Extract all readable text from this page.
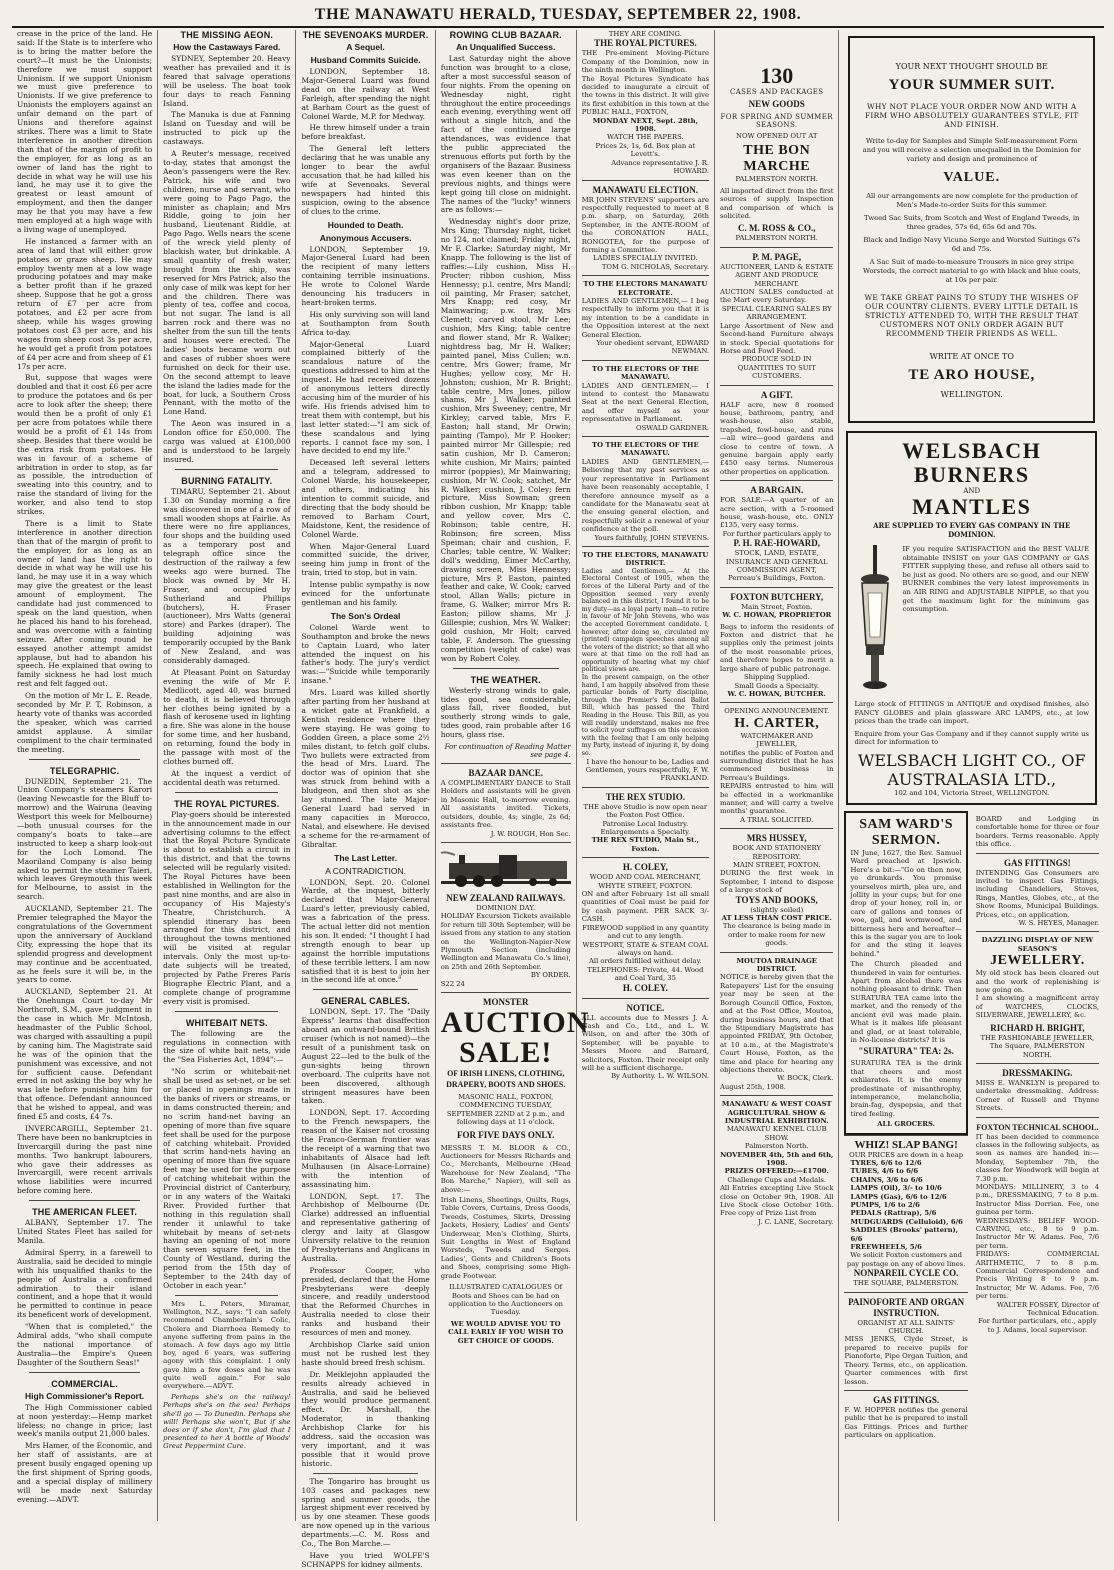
THE MANAWATU HERALD, TUESDAY, SEPTEMBER 22, 1908.

crease in the price of the land. He said: If the State is to interfere who is to bring the matter before the court?—It must be the Unionists; therefore we must support Unionism. If we support Unionism we must give preference to Unionists. If we give preference to Unionists the employers against an unfair demand on the part of Unions and therefore against strikes. There was a limit to State interference in another direction than that of the margin of profit to the employer, for as long as an owner of land has the right to decide in what way he will use his land, he may use it to give the greatest or least amount of employment, and then the danger may be that you may have a few men employed at a high wage with a living wage of unemployed.

He instanced a farmer with an area of land that will either grow potatoes or graze sheep. He may employ twenty men at a low wage producing potatoes and may make a better profit than if he grazed sheep. Suppose that he got a gross return of £7 per acre from potatoes, and £2 per acre from sheep, while his wages growing potatoes cost £3 per acre, and his wages from sheep cost 3s per acre, he would get a profit from potatoes of £4 per acre and from sheep of £1 17s per acre.

But, suppose that wages were doubled and that it cost £6 per acre to produce the potatoes and 6s per acre to look after the sheep; there would then be a profit of only £1 per acre from potatoes while there would be a profit of £1 14s from sheep. Besides that there would be the extra risk from potatoes. He was in favour of a scheme of arbitration in order to stop, as far as possible, the introduction of sweating into this country, and to raise the standard of living for the worker, and also tend to stop strikes.

There is a limit to State interference in another direction than that of the margin of profit to the employer, for as long as an owner of land has the right to decide in what way he will use his land, he may use it in a way which may give the greatest or the least amount of employment. The candidate had just commenced to speak on the land question, when he placed his hand to his forehead, and was overcome with a fainting seizure. After coming round he essayed another attempt amidst applause, but had to abandon his speech. He explained that owing to family sickness he had lost much rest and felt fagged out.

On the motion of Mr L. E. Reade, seconded by Mr P. T. Robinson, a hearty vote of thanks was accorded the speaker, which was carried amidst applause. A similar compliment to the chair terminated the meeting.

TELEGRAPHIC.

DUNEDIN, September 21. The Union Company's steamers Karori (leaving Newcastle for the Bluff to-morrow) and the Wairuna (leaving Westport this week for Melbourne)—both unusual courses for the company's boats to take—are instructed to keep a sharp look-out for the Loch Lomond. The Maoriland Company is also being asked to permit the steamer Taieri, which leaves Greymouth this week for Melbourne, to assist in the search.

AUCKLAND, September 21. The Premier telegraphed the Mayor the congratulations of the Government upon the anniversary of Auckland City, expressing the hope that its splendid progress and development may continue and be accentuated, as he feels sure it will be, in the years to come.

AUCKLAND, September 21. At the Onehunga Court to-day Mr Northcroft, S.M., gave judgment in the case in which Mr McIntosh, headmaster of the Public School, was charged with assaulting a pupil by caning him. The Magistrate said he was of the opinion that the punishment was excessive, and not for sufficient cause. Defendant erred in not asking the boy why he was late before punishing him for that offence. Defendant announced that he wished to appeal, and was fined £5 and costs, £4 7s.

INVERCARGILL, September 21. There have been no bankruptcies in Invercargill during the past nine months. Two bankrupt labourers, who gave their addresses as Invercargill, were recent arrivals whose liabilities were incurred before coming here.

THE AMERICAN FLEET.

ALBANY, September 17. The United States Fleet has sailed for Manila.

Admiral Sperry, in a farewell to Australia, said he decided to mingle with his unqualified thanks to the people of Australia a confirmed admiration to their island continent, and a hope that it would be permitted to continue in peace its beneficent work of development.

"When that is completed," the Admiral adds, "who shall compute the national importance of Australia—the Empire's Queen Daughter of the Southern Seas!"

COMMERCIAL.
High Commissioner's Report.

The High Commissioner cabled at noon yesterday:—Hemp market lifeless; no change in price; last week's manila output 21,000 bales.

Mrs Hamer, of the Economic, and her staff of assistants, are at present busily engaged opening up the first shipment of Spring goods, and a special display of millinery will be made next Saturday evening.—ADVT.

THE MISSING AEON.
How the Castaways Fared.

SYDNEY, September 20. Heavy weather has prevailed and it is feared that salvage operations will be useless. The boat took four days to reach Fanning Island.

The Manuka is due at Fanning Island on Tuesday and will be instructed to pick up the castaways.

A Reuter's message, received to-day, states that amongst the Aeon's passengers were the Rev. Patrick, his wife and two children, nurse and servant, who were going to Pago Pago, the minister as chaplain; and Mrs Riddle, going to join her husband, Lieutenant Riddle, at Pago Pago. Wells nears the scene of the wreck yield plenty of blackish water, but drinkable. A small quantity of fresh water, brought from the ship, was reserved for Mrs Patrick; also the only case of milk was kept for her and the children. There was plenty of tea, coffee and cocoa, but not sugar. The land is all barren rock and there was no shelter from the sun till the tents and houses were erected. The ladies' boots became worn out and cases of rubber shoes were furnished on deck for their use. On the second attempt to leave the island the ladies made for the boat, for luck, a Southern Cross Pennant, with the motto of the Lone Hand.

The Aeon was insured in a London office for £50,000. The cargo was valued at £100,000 and is understood to be largely insured.

BURNING FATALITY.

TIMARU, September 21. About 1.30 on Sunday morning a fire was discovered in one of a row of small wooden shops at Fairlie. As there were no fire appliances, four shops and the building used as a temporary post and telegraph office since the destruction of the railway a few weeks ago were burned. The block was owned by Mr H. Fraser, and occupied by Sutherland and Phillips (butchers), H. Fraser (auctioneer), Mrs Watts (general store) and Parkes (draper). The building adjoining was temporarily occupied by the Bank of New Zealand, and was considerably damaged.

At Pleasant Point on Saturday evening the wife of Mr F. Medlicott, aged 40, was burned to death, it is believed through her clothes being ignited by a flash of kerosene used in lighting a fire. She was alone in the house for some time, and her husband, on returning, found the body in the passage with most of the clothes burned off.

At the inquest a verdict of accidental death was returned.

THE ROYAL PICTURES.

Play-goers should be interested in the announcement made in our advertising columns to the effect that the Royal Picture Syndicate is about to establish a circuit in this district, and that the towns selected will be regularly visited. The Royal Pictures have been established in Wellington for the past nine months, and are also in occupancy of His Majesty's Theatre, Christchurch. A splendid itinerary has been arranged for this district, and throughout the towns mentioned will be visited at regular intervals. Only the most up-to-date subjects will be treated, projected by Pathe Freres Paris Biographe Electric Plant, and a complete change of programme every visit is promised.

WHITEBAIT NETS.

The following are the regulations in connection with the size of white bait nets, vide the "Sea Fisheries Act, 1894":—

"No scrim or whitebait-net shall be used as set-net, or be set or placed in openings made in the banks of rivers or streams, or in dams constructed therein; and no scrim hand-net having an opening of more than five square feet shall be used for the purpose of catching whitebait. Provided that scrim hand-nets having an opening of more than five square feet may be used for the purpose of catching whitebait within the Provincial district of Canterbury, or in any waters of the Waitaki River. Provided further that nothing in this regulation shall render it unlawful to take whitebait by means of set-nets having an opening of not more than seven square feet, in the County of Westland, during the period from the 15th day of September to the 24th day of October in each year."

Mrs L. Peters, Miramar, Wellington, N.Z., says: "I can safely recommend Chamberlain's Colic, Cholera and Diarrhoea Remedy to anyone suffering from pains in the stomach. A few days ago my little boy, aged 6 years, was suffering agony with this complaint. I only gave him a few doses and he was quite well again." For sale everywhere.—ADVT.

Perhaps she's on the railway! Perhaps she's on the sea! Perhaps she'll go — To Dunedin. Perhaps she will! Perhaps she won't, But if she does or if she don't, I'm glad that I presented to her A bottle of Woods' Great Peppermint Cure.

THE SEVENOAKS MURDER.
A Sequel.
Husband Commits Suicide.

LONDON, September 18. Major-General Luard was found dead on the railway at West Farleigh, after spending the night at Barham Court as the guest of Colonel Warde, M.P. for Medway.

He threw himself under a train before breakfast.

The General left letters declaring that he was unable any longer to bear the awful accusation that he had killed his wife at Sevenoaks. Several newspapers had hinted this suspicion, owing to the absence of clues to the crime.

Hounded to Death.
Anonymous Accusers.

LONDON, September 19. Major-General Luard had been the recipient of many letters containing terrible insinuations. He wrote to Colonel Warde denouncing his traducers in heart-broken terms.

His only surviving son will land at Southampton from South Africa to-day.

Major-General Luard complained bitterly of the scandalous nature of the questions addressed to him at the inquest. He had received dozens of anonymous letters directly accusing him of the murder of his wife. His friends advised him to treat them with contempt, but his last letter stated:—"I am sick of these scandalous and lying reports. I cannot face my son. I have decided to end my life."

Deceased left several letters and a telegram, addressed to Colonel Warde, his housekeeper, and others, indicating his intention to commit suicide, and directing that the body should be removed to Barham Court, Maidstone, Kent, the residence of Colonel Warde.

When Major-General Luard committed suicide, the driver, seeing him jump in front of the train, tried to stop, but in vain.

Intense public sympathy is now evinced for the unfortunate gentleman and his family.

The Son's Ordeal

Colonel Warde went to Southampton and broke the news to Captain Luard, who later attended the inquest on his father's body. The jury's verdict was:—"Suicide while temporarily insane."

Mrs. Luard was killed shortly after parting from her husband at a wicket gate at Frankfield, a Kentish residence where they were staying. He was going to Godden Green, a place some 2½ miles distant, to fetch golf clubs. Two bullets were extracted from the head of Mrs. Luard. The doctor was of opinion that she was struck from behind with a bludgeon, and then shot as she lay stunned. The late Major-General Luard had served in many capacities in Morocco, Natal, and elsewhere. He devised a scheme for the re-armament of Gibraltar.

The Last Letter.
A CONTRADICTION.

LONDON, Sept. 20. Colonel Warde, at the inquest, bitterly declared that Major-General Luard's letter, previously cabled, was a fabrication of the press. The actual letter did not mention his son. It ended: "I thought I had strength enough to bear up against the horrible imputations of these terrible letters. I am now satisfied that it is best to join her in the second life at once."

GENERAL CABLES.

LONDON, Sept. 17. The "Daily Express" learns that disaffection aboard an outward-bound British cruiser (which is not named)—the result of a punishment task on August 22—led to the bulk of the gun-sights being thrown overboard. The culprits have not been discovered, although stringent measures have been taken.

LONDON, Sept. 17. According to the French newspapers, the reason of the Kaiser not crossing the Franco-German frontier was the receipt of a warning that two inhabitants of Alsace had left Mulhausen (in Alsace-Lorraine) with the intention of assassinating him.

LONDON, Sept. 17. The Archbishop of Melbourne (Dr. Clarke) addressed an influential and representative gathering of clergy and laity at Glasgow University relative to the reunion of Presbyterians and Anglicans in Australia.

Professor Cooper, who presided, declared that the Home Presbyterians were deeply sincere, and readily understood that the Reformed Churches in Australia needed to close their ranks and husband their resources of men and money.

Archbishop Clarke said union must not be rushed lest they haste should breed fresh schism.

Dr. Meiklejohn applauded the results already achieved in Australia, and said he believed they would produce permanent effect. Dr. Marshall, the Moderator, in thanking Archbishop Clarke for his address, said the occasion was very important, and it was possible that it would prove historic.

The Tongariro has brought us 103 cases and packages new spring and summer goods, the largest shipment ever received by us by one steamer. These goods are now opened up in the various departments.—C. M. Ross and Co., The Bon Marche.—

Have you tried WOLFE'S SCHNAPPS for kidney ailments.

ROWING CLUB BAZAAR.
An Unqualified Success.

Last Saturday night the above function was brought to a close, after a most successful season of four nights. From the opening on Wednesday night, right throughout the entire proceedings each evening, everything went off without a single hitch, and the fact of the continued large attendances, was evidence that the public appreciated the strenuous efforts put forth by the organisers of the Bazaar. Business was even keener than on the previous nights, and things were kept going till close on midnight. The names of the "lucky" winners are as follows:—

Wednesday night's door prize, Mrs King; Thursday night, ticket no 124, not claimed; Friday night, Mr F. Clarke; Saturday night, Mr Knapp. The following is the list of raffles:—Lily cushion, Miss H. Procter; ribbon cushion, Miss Hennessy; p.l. centre, Mrs Mandl; oil painting, Mr Fraser; satchet, Mrs Knapp; red cosy, Mr Mainwaring; p.w. tray, Mrs Clemett; carved stool, Mr Lee; cushion, Mrs King; table centre and flower stand, Mr R. Walker; nightdress bag, Mr H. Walker; painted panel, Miss Cullen; w.n. centre, Mrs Gower; frame, Mr Hughes; yellow cosy, Mr H. Johnston; cushion, Mr R. Bright; table centre, Mrs Jones, pillow shams, Mr J. Walker; painted cushion, Mrs Sweeney; centre, Mr Kirkley; carved table, Mrs F. Easton; hall stand, Mr Orwin; painting (Tampo), Mr P. Hooker; painted mirror Mr Gillespie; red satin cushion, Mr D. Cameron; white cushion, Mr Mairs; painted mirror (poppies), Mr Mainwaring; cushion, Mr W. Cook; satchet, Mr R. Walker; cushion, J. Coley; fern picture, Miss Sowman; green ribbon cushion, Mr Knapp; table and yellow cover, Mrs C. Robinson; table centre, H. Robinson; fire screen, Miss Speiman; chair and cushion, F. Charles; table centre, W. Walker; doll's wedding, Eimer McCarthy, drawing screen, Miss Hennessy; picture, Mrs P. Easton, painted feather and cake, W. Cook; carved stool, Allan Walls; picture in frame, G. Walker; mirror Mrs R. Easton; pillow shams, Mr J. Gillespie; cushion, Mrs W. Walker; gold cushion, Mr Holt; carved table, F. Anderson. The guessing competition (weight of cake) was won by Robert Coley.

THE WEATHER.

Westerly strong winds to gale, tides good, sea considerable, glass fall, river flooded, but southerly strong winds to gale, tides good, rain probable after 16 hours, glass rise.

For continuation of Reading Matter see page 4.

BAZAAR DANCE.
A COMPLIMENTARY DANCE to Stall Holders and assistants will be given in Masonic Hall, to-morrow evening. All assistants invited. Tickets, outsiders, double, 4s; single, 2s 6d; assistants free.
J. W. ROUGH, Hon Sec.
NEW ZEALAND RAILWAYS.
DOMINION DAY.
HOLIDAY Excursion Tickets available for return till 30th September, will be issued from any station to any station on the Wellington-Napier-New Plymouth Section (including Wellington and Manawatu Co.'s line), on 25th and 26th September.
BY ORDER.
S22 24
MONSTER
AUCTION
SALE!
OF IRISH LINENS, CLOTHING, DRAPERY, BOOTS AND SHOES.
MASONIC HALL, FOXTON,
COMMENCING TUESDAY, SEPTEMBER 22ND at 2 p.m., and following days at 11 o'clock.
FOR FIVE DAYS ONLY.
MESSRS T. M. BLOOR & CO., Auctioneers for Messrs Richards and Co., Merchants, Melbourne (Head Warehouse for New Zealand, "The Bon Marche," Napier), will sell as above:—
Irish Linens, Sheetings, Quilts, Rugs, Table Covers, Curtains, Dress Goods, Tweeds, Costumes, Skirts, Dressing Jackets, Hosiery, Ladies' and Gents' Underwear, Men's Clothing, Shirts, Suit Lengths in West of England Worsteds, Tweeds and Serges. Ladies', Gents and Children's Boots and Shoes, comprising some High-grade Footwear.
ILLUSTRATED CATALOGUES Of Boots and Shoes can be had on application to the Auctioneers on Tuesday.
WE WOULD ADVISE YOU TO CALL EARLY IF YOU WISH TO GET CHOICE OF GOODS.
THEY ARE COMING.
THE ROYAL PICTURES.
THE Pre-eminent Moving-Picture Company of the Dominion, now in the ninth month in Wellington.
The Royal Pictures Syndicate has decided to inaugurate a circuit of the towns in this district. It will give its first exhibition in this town at the PUBLIC HALL, FOXTON,
MONDAY NEXT, Sept. 28th, 1908.
WATCH THE PAPERS.
Prices 2s, 1s, 6d. Box plan at Levett's.
Advance representative J. R. HOWARD.
MANAWATU ELECTION.
MR JOHN STEVENS' supporters are respectfully requested to meet at 8 p.m. sharp, on Saturday, 26th September, in the ANTE-ROOM of the CORONATION HALL, RONGOTEA, for the purpose of forming a Committee.
LADIES SPECIALLY INVITED.
TOM G. NICHOLAS, Secretary.
TO THE ELECTORS MANAWATU ELECTORATE.
LADIES AND GENTLEMEN,— I beg respectfully to inform you that it is my intention to be a candidate in the Opposition interest at the next General Election.
Your obedient servant, EDWARD NEWMAN.
TO THE ELECTORS OF THE MANAWATU.
LADIES AND GENTLEMEN,— I intend to contest the Manawatu Seat at the next General Election, and offer myself as your representative in Parliament.
OSWALD GARDNER.
TO THE ELECTORS OF THE MANAWATU.
LADIES AND GENTLEMEN,— Believing that my past services as your representative in Parliament have been reasonably acceptable, I therefore announce myself as a candidate for the Manawatu seat at the ensuing general election, and respectfully solicit a renewal of your confidence at the poll.
Yours faithfully, JOHN STEVENS.
TO THE ELECTORS, MANAWATU DISTRICT.
Ladies and Gentlemen,— At the Electoral Contest of 1905, when the forces of the Liberal Party and of the Opposition seemed very evenly balanced in this district, I found it to be my duty—as a loyal party man—to retire in favour of Mr John Stevens, who was the accepted Government candidate. I, however, after doing so, circulated my (printed) campaign speeches among all the voters of the district; so that all who were at that time on the roll had an opportunity of hearing what my chief political views are.
In the present campaign, on the other hand, I am happily absolved from these particular bonds of Party discipline, through the Premier's Second Ballot Bill, which has passed the Third Reading in the House. This Bill, as you will readily understand, makes me free to solicit your suffrages on this occasion with the feeling that I am only helping my Party, instead of injuring it, by doing so.
I have the honour to be, Ladies and Gentlemen, yours respectfully, F. W. FRANKLAND.
THE REX STUDIO.
THE above Studio is now open near the Foxton Post Office.
Patronise Local Industry.
Enlargements a Specialty.
THE REX STUDIO, Main St., Foxton.
H. COLEY,
WOOD AND COAL MERCHANT, WHYTE STREET, FOXTON.
ON and after February 1st all small quantities of Coal must be paid for by cash payment. PER SACK 3/- CASH.
FIREWOOD supplied in any quantity and cut to any length.
WESTPORT, STATE & STEAM COAL always on hand.
All orders fulfilled without delay.
TELEPHONES: Private, 44. Wood and Coal Yard, 35
H. COLEY.
NOTICE.
ALL accounts due to Messrs J. A. Nash and Co., Ltd., and L. W. Wilson, on and after the 30th of September, will be payable to Messrs Moore and Barnard, solicitors, Foxton. Their receipt only will be a sufficient discharge.
By Authority. L. W. WILSON.
130
CASES AND PACKAGES
NEW GOODS
FOR SPRING AND SUMMER SEASONS.
NOW OPENED OUT AT
THE BON MARCHE
PALMERSTON NORTH.
All imported direct from the first sources of supply. Inspection and comparison of which is solicited.
C. M. ROSS & CO.,
PALMERSTON NORTH.
P. M. PAGE,
AUCTIONEER, LAND & ESTATE AGENT AND PRODUCE MERCHANT.
AUCTION SALES conducted at the Mart every Saturday.
SPECIAL CLEARING SALES BY ARRANGEMENT.
Large Assortment of New and Second-hand Furniture always in stock. Special quotations for Horse and Fowl Feed.
PRODUCE SOLD IN QUANTITIES TO SUIT CUSTOMERS.
A GIFT.
HALF acre, new 8 roomed house, bathroom, pantry, and wash-house, also stable, trapshed, fowl-house, and runs—all wire—good gardens and close to centre of town. A genuine bargain apply early £450 easy terms. Numerous other properties on application.
A BARGAIN.
FOR SALE.—A quarter of an acre section, with a 5-roomed house, wash-house, etc. ONLY £135, very easy terms.
For further particulars apply to
P. H. RAE-HOWARD,
STOCK, LAND, ESTATE, INSURANCE AND GENERAL COMMISSION AGENT, Perreau's Buildings, Foxton.
FOXTON BUTCHERY,
Main Street, Foxton.
W. C. HOWAN, PROPRIETOR
Begs to inform the residents of Foxton and district that he supplies only the primest joints of the most reasonable prices, and therefore hopes to merit a large share of public patronage.
Shipping Supplied.
Small Goods a Specialty.
W. C. HOWAN, BUTCHER.
OPENING ANNOUNCEMENT.
H. CARTER,
WATCHMAKER AND JEWELLER,
notifies the public of Foxton and surrounding district that he has commenced business in Perreau's Buildings.
REPAIRS entrusted to him will be effected in a workmanlike manner, and will carry a twelve months' guarantee.
A TRIAL SOLICITED.
MRS HUSSEY,
BOOK AND STATIONERY REPOSITORY.
MAIN STREET, FOXTON.
DURING the first week in September, I intend to dispose of a large stock of
TOYS AND BOOKS,
(slightly soiled)
AT LESS THAN COST PRICE.
The clearance is being made in order to make room for new goods.
MOUTOA DRAINAGE DISTRICT.
NOTICE is hereby given that the Ratepayers' List for the ensuing year may be seen at the Borough Council Office, Foxton, and at the Post Office, Moutoa, during business hours, and that the Stipendiary Magistrate has appointed FRIDAY, 9th October, at 10 a.m., at the Magistrate's Court House, Foxton, as the time and place for hearing any objections thereto.
W. BOCK, Clerk.
August 25th, 1908.
MANAWATU & WEST COAST AGRICULTURAL SHOW & INDUSTRIAL EXHIBITION.
MANAWATU KENNEL CLUB SHOW.
Palmerston North.
NOVEMBER 4th, 5th and 6th, 1908.
PRIZES OFFERED:—£1700.
Challenge Cups and Medals.
All Entries excepting Live Stock close on October 9th, 1908. All Live Stock close October 16th. Free copy of Prize List from
J. C. LANE, Secretary.
YOUR NEXT THOUGHT SHOULD BE
YOUR SUMMER SUIT.
WHY NOT PLACE YOUR ORDER NOW AND WITH A FIRM WHO ABSOLUTELY GUARANTEES STYLE, FIT AND FINISH.
Write to-day for Samples and Simple Self-measurement Form and you will receive a selection unequalled in the Dominion for variety and design and prominence of
VALUE.
All our arrangements are now complete for the production of Men's Made-to-order Suits for this summer.
Tweed Sac Suits, from Scotch and West of England Tweeds, in three grades, 57s 6d, 65s 6d and 70s.
Black and Indigo Navy Vicuna Serge and Worsted Suitings 67s 6d and 75s.
A Sac Suit of made-to-measure Trousers in nice grey stripe Worsteds, the correct material to go with black and blue coats, at 10s per pair.
WE TAKE GREAT PAINS TO STUDY THE WISHES OF OUR COUNTRY CLIENTS. EVERY LITTLE DETAIL IS STRICTLY ATTENDED TO, WITH THE RESULT THAT CUSTOMERS NOT ONLY ORDER AGAIN BUT RECOMMEND THEIR FRIENDS AS WELL.
WRITE AT ONCE TO
TE ARO HOUSE,
WELLINGTON.
WELSBACH
BURNERS
AND
MANTLES
ARE SUPPLIED TO EVERY GAS COMPANY IN THE DOMINION.
IF you require SATISFACTION and the BEST VALUE obtainable INSIST on your GAS COMPANY or GAS FITTER supplying these, and refuse all others said to be just as good. No others are so good, and our NEW BURNER combines the very latest improvements in an AIR RING and ADJUSTABLE NIPPLE, so that you get the maximum light for the minimum gas consumption.
Large stock of FITTINGS in ANTIQUE and oxydised finishes, also FANCY GLOBES and plain glassware ARC LAMPS, etc., at low prices than the trade can import.
Enquire from your Gas Company and if they cannot supply write us direct for information to
WELSBACH LIGHT CO., OF AUSTRALASIA LTD.,
102 and 104, Victoria Street, WELLINGTON.
SAM WARD'S
SERMON.
IN June, 1627, the Rev. Samuel Ward preached at Ipswich. Here's a bit:—"Go on then now, ye drunkards. You promise yourselves mirth, plea ure, and jollity in your cups; but for one drop of your honey, roll in, or care of gallons and tonnes of woe, gall, and wormwood, and bitterness here and hereafter—this is the sugar you are to look for and the sting it leaves behind."
The Church pleaded and thundered in vain for centuries. Apart from alcohol there was nothing pleasant to drink. Then SURATURA TEA came into the market, and the remedy of the ancient evil was made plain. What is it makes life pleasant and glad, or at least tolerable, in No-license districts? It is
"SURATURA" TEA: 2s.
SURATURA TEA is the drink that cheers and most exhilarates. It is the enemy predestinate of misanthrophy, intemperance, melancholia, brain-fag, dyspepsia, and that tired feeling.
ALL GROCERS.
WHIZ! SLAP BANG!
OUR PRICES are down in a heap
TYRES, 6/6 to 12/6
TUBES, 4/6 to 6/6
CHAINS, 3/6 to 6/6
LAMPS (Oil), 3/- to 10/6
LAMPS (Gas), 6/6 to 12/6
PUMPS, 1/6 to 2/6
PEDALS (Rattrap), 5/6
MUDGUARDS (Celluloid), 6/6
SADDLES (Brooks' pattern), 6/6
FREEWHEELS, 5/6
We solicit Foxton customers and pay postage on any of above lines.
NONPAREIL CYCLE CO.
THE SQUARE, PALMERSTON.
PAINOFORTE AND ORGAN INSTRUCTION.
ORGANIST AT ALL SAINTS' CHURCH.
MISS JENKS, Clyde Street, is prepared to receive pupils for Pianoforte, Pipe Organ Tuition, and Theory. Terms, etc., on application. Quarter commences with first lesson.
GAS FITTINGS.
F. W. HOPPER notifies the general public that he is prepared to install Gas Fittings. Prices and further particulars on application.
BOARD and Lodging in comfortable home for three or four boarders. Terms reasonable. Apply this office.
GAS FITTINGS!
INTENDING Gas Consumers are invited to inspect Gas Fittings, including Chandeliers, Stoves, Rings, Mantles, Globes, etc., at the Show Rooms, Municipal Buildings. Prices, etc., on application.
W. S. HEYES, Manager.
DAZZLING DISPLAY OF NEW SEASON'S
JEWELLERY.
My old stock has been cleared out and the work of replenishing is now going on.
I am showing a magnificent array of WATCHES, CLOCKS, SILVERWARE, JEWELLERY, &c.
RICHARD H. BRIGHT,
THE FASHIONABLE JEWELLER, The Square, PALMERSTON NORTH.
DRESSMAKING.
MISS E. WANKLYN is prepared to undertake dressmaking. Address: Corner of Russell and Thynne Streets.
FOXTON TECHNICAL SCHOOL.
IT has been decided to commence classes in the following subjects, as soon as names are handed in:—Monday, September 7th, the classes for Woodwork will begin at 7.30 p.m.
MONDAYS: MILLINERY, 3 to 4 p.m., DRESSMAKING, 7 to 8 p.m. Instructor Miss Dorrian. Fee, one guinea per term.
WEDNESDAYS: BELIEF WOOD-CARVING, etc., 8 to 9 p.m. Instructor Mr W. Adams. Fee, 7/6 per term.
FRIDAYS: COMMERCIAL ARITHMETIC, 7 to 8 p.m. Commercial Correspondence and Precis Writing 8 to 9 p.m. Instructor, Mr W. Adams. Fee, 7/6 per term.
WALTER FOSSEY, Director of Technical Education.
For further particulars, etc., apply to J. Adams, local supervisor.
